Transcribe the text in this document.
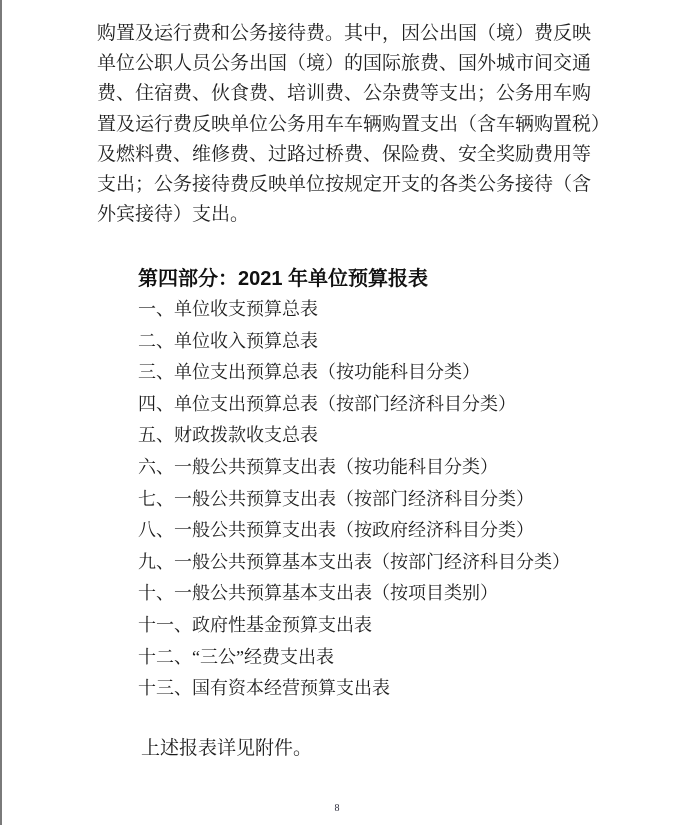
购置及运行费和公务接待费。其中，因公出国（境）费反映
单位公职人员公务出国（境）的国际旅费、国外城市间交通
费、住宿费、伙食费、培训费、公杂费等支出；公务用车购
置及运行费反映单位公务用车车辆购置支出（含车辆购置税）
及燃料费、维修费、过路过桥费、保险费、安全奖励费用等
支出；公务接待费反映单位按规定开支的各类公务接待（含
外宾接待）支出。
第四部分：2021 年单位预算报表
一、单位收支预算总表
二、单位收入预算总表
三、单位支出预算总表（按功能科目分类）
四、单位支出预算总表（按部门经济科目分类）
五、财政拨款收支总表
六、一般公共预算支出表（按功能科目分类）
七、一般公共预算支出表（按部门经济科目分类）
八、一般公共预算支出表（按政府经济科目分类）
九、一般公共预算基本支出表（按部门经济科目分类）
十、一般公共预算基本支出表（按项目类别）
十一、政府性基金预算支出表
十二、“三公”经费支出表
十三、国有资本经营预算支出表
上述报表详见附件。
8
